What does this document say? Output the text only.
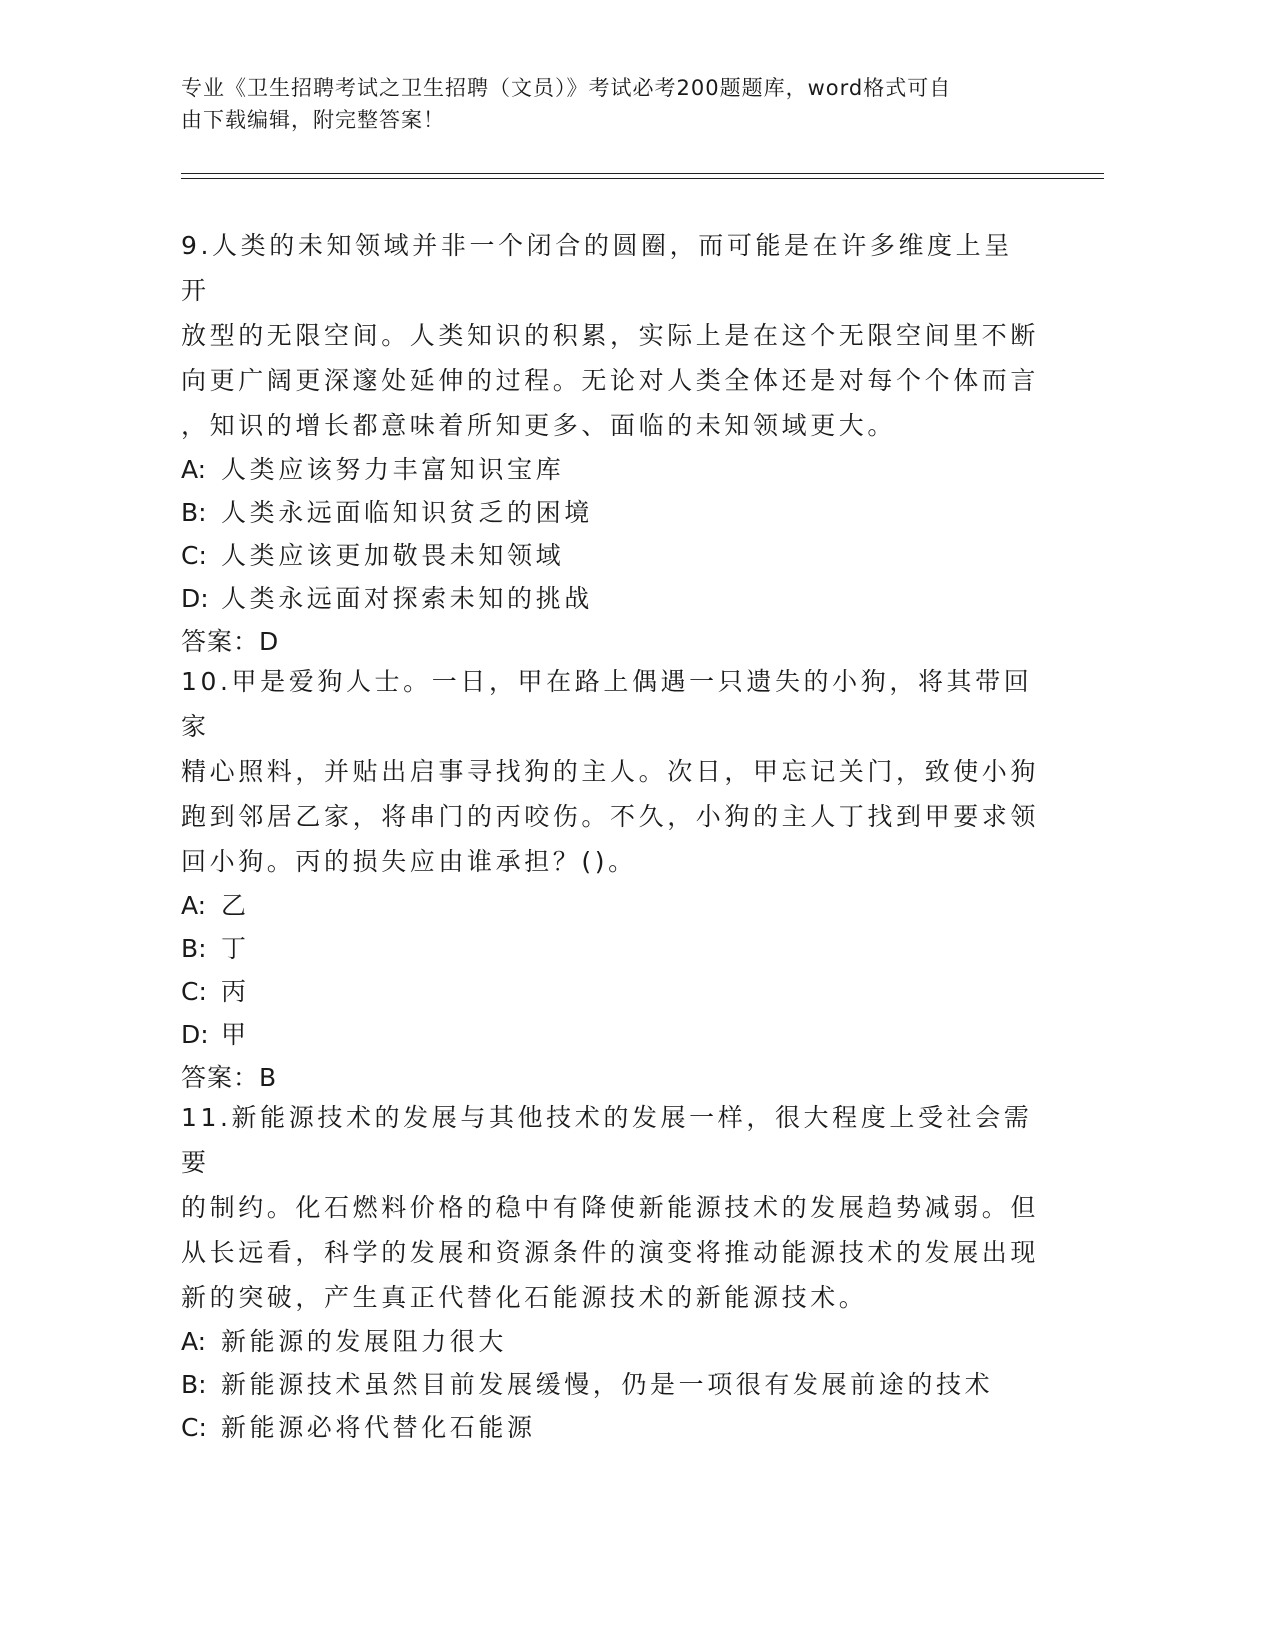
专业《卫生招聘考试之卫生招聘（文员）》考试必考200题题库，word格式可自
由下载编辑，附完整答案！

9.人类的未知领域并非一个闭合的圆圈，而可能是在许多维度上呈开
放型的无限空间。人类知识的积累，实际上是在这个无限空间里不断
向更广阔更深邃处延伸的过程。无论对人类全体还是对每个个体而言
，知识的增长都意味着所知更多、面临的未知领域更大。

A: 人类应该努力丰富知识宝库

B: 人类永远面临知识贫乏的困境

C: 人类应该更加敬畏未知领域

D: 人类永远面对探索未知的挑战

答案：D

10.甲是爱狗人士。一日，甲在路上偶遇一只遗失的小狗，将其带回家
精心照料，并贴出启事寻找狗的主人。次日，甲忘记关门，致使小狗
跑到邻居乙家，将串门的丙咬伤。不久，小狗的主人丁找到甲要求领
回小狗。丙的损失应由谁承担？()。

A: 乙

B: 丁

C: 丙

D: 甲

答案：B

11.新能源技术的发展与其他技术的发展一样，很大程度上受社会需要
的制约。化石燃料价格的稳中有降使新能源技术的发展趋势减弱。但
从长远看，科学的发展和资源条件的演变将推动能源技术的发展出现
新的突破，产生真正代替化石能源技术的新能源技术。

A: 新能源的发展阻力很大

B: 新能源技术虽然目前发展缓慢，仍是一项很有发展前途的技术

C: 新能源必将代替化石能源
